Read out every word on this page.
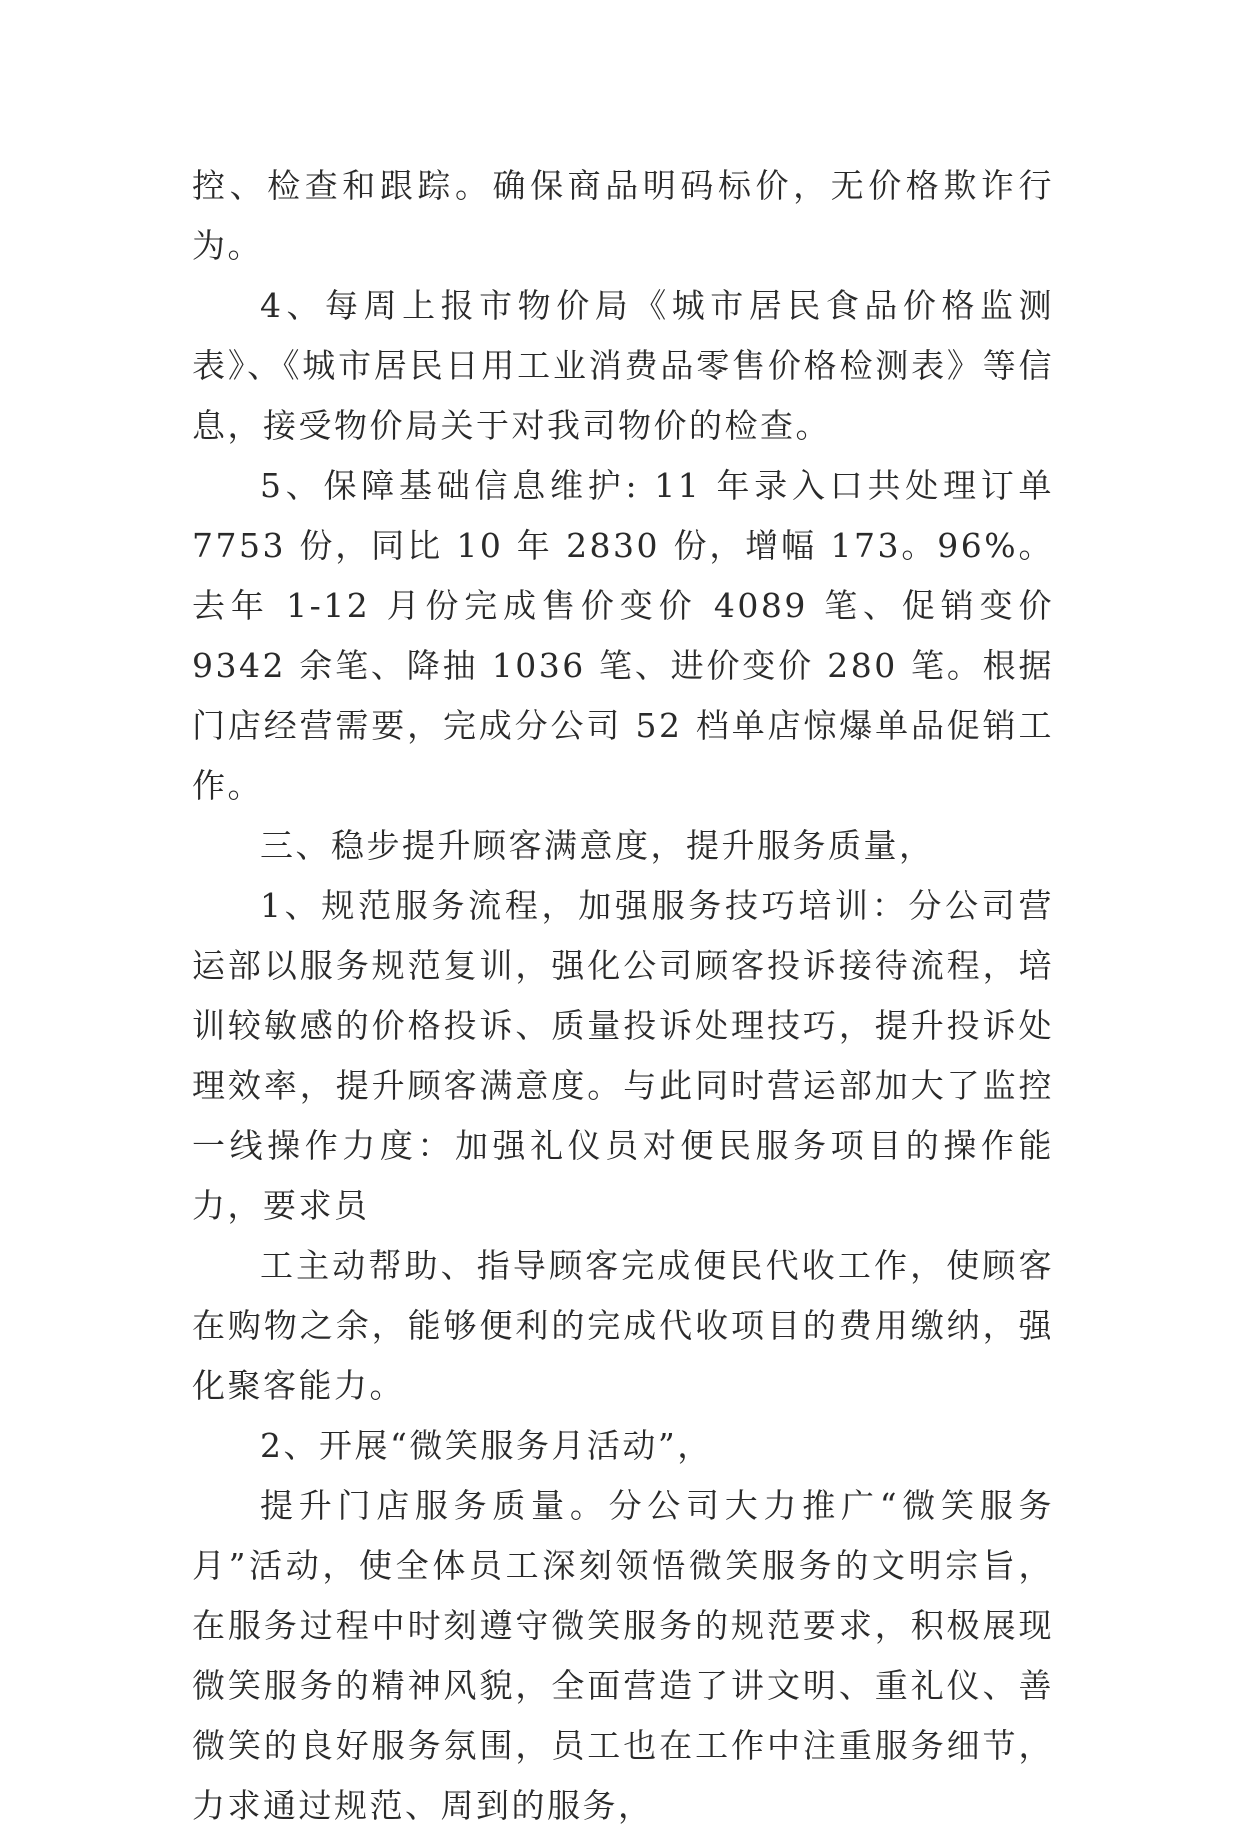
控、检查和跟踪。确保商品明码标价，无价格欺诈行为。

4、每周上报市物价局《城市居民食品价格监测表》、《城市居民日用工业消费品零售价格检测表》等信息，接受物价局关于对我司物价的检查。

5、保障基础信息维护: 11 年录入口共处理订单 7753 份，同比 10 年 2830 份，增幅 173。96%。去年 1-12 月份完成售价变价 4089 笔、促销变价 9342 余笔、降抽 1036 笔、进价变价 280 笔。根据门店经营需要，完成分公司 52 档单店惊爆单品促销工作。

三、稳步提升顾客满意度，提升服务质量，

1、规范服务流程，加强服务技巧培训：分公司营运部以服务规范复训，强化公司顾客投诉接待流程，培训较敏感的价格投诉、质量投诉处理技巧，提升投诉处理效率，提升顾客满意度。与此同时营运部加大了监控一线操作力度：加强礼仪员对便民服务项目的操作能力，要求员

工主动帮助、指导顾客完成便民代收工作，使顾客在购物之余，能够便利的完成代收项目的费用缴纳，强化聚客能力。

2、开展“微笑服务月活动”，

提升门店服务质量。分公司大力推广“微笑服务月”活动，使全体员工深刻领悟微笑服务的文明宗旨，在服务过程中时刻遵守微笑服务的规范要求，积极展现微笑服务的精神风貌，全面营造了讲文明、重礼仪、善微笑的良好服务氛围，员工也在工作中注重服务细节，力求通过规范、周到的服务，
